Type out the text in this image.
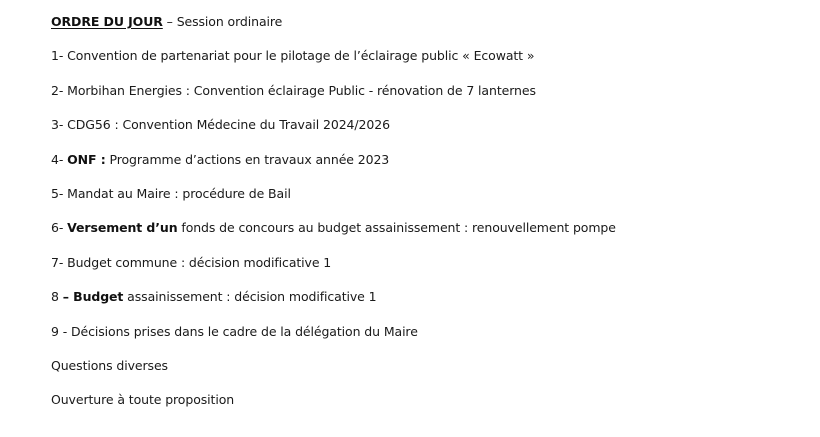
ORDRE DU JOUR – Session ordinaire
1- Convention de partenariat pour le pilotage de l’éclairage public « Ecowatt »
2- Morbihan Energies : Convention éclairage Public - rénovation de 7 lanternes
3- CDG56 : Convention Médecine du Travail 2024/2026
4- ONF : Programme d’actions en travaux année 2023
5- Mandat au Maire : procédure de Bail
6- Versement d’un fonds de concours au budget assainissement : renouvellement pompe
7- Budget commune : décision modificative 1
8 – Budget assainissement : décision modificative 1
9 - Décisions prises dans le cadre de la délégation du Maire
Questions diverses
Ouverture à toute proposition
